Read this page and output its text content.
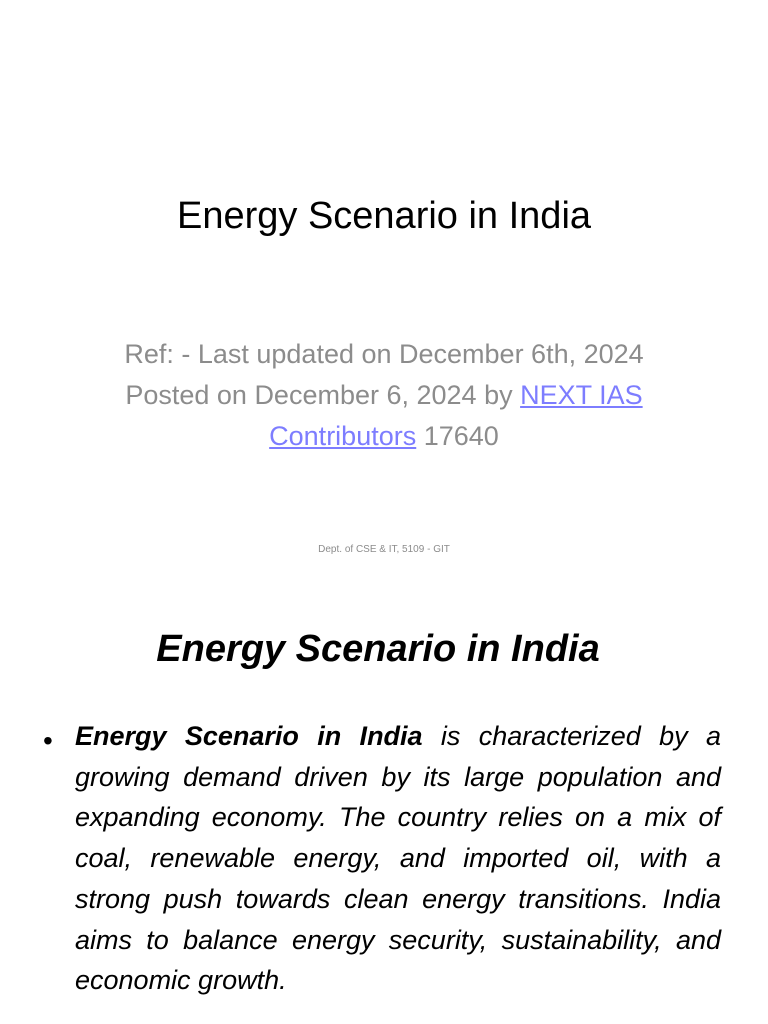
Energy Scenario in India
Ref: - Last updated on December 6th, 2024 Posted on December 6, 2024 by NEXT IAS Contributors 17640
Dept. of CSE & IT, 5109 - GIT
Energy Scenario in India
• Energy Scenario in India is characterized by a growing demand driven by its large population and expanding economy. The country relies on a mix of coal, renewable energy, and imported oil, with a strong push towards clean energy transitions. India aims to balance energy security, sustainability, and economic growth.
